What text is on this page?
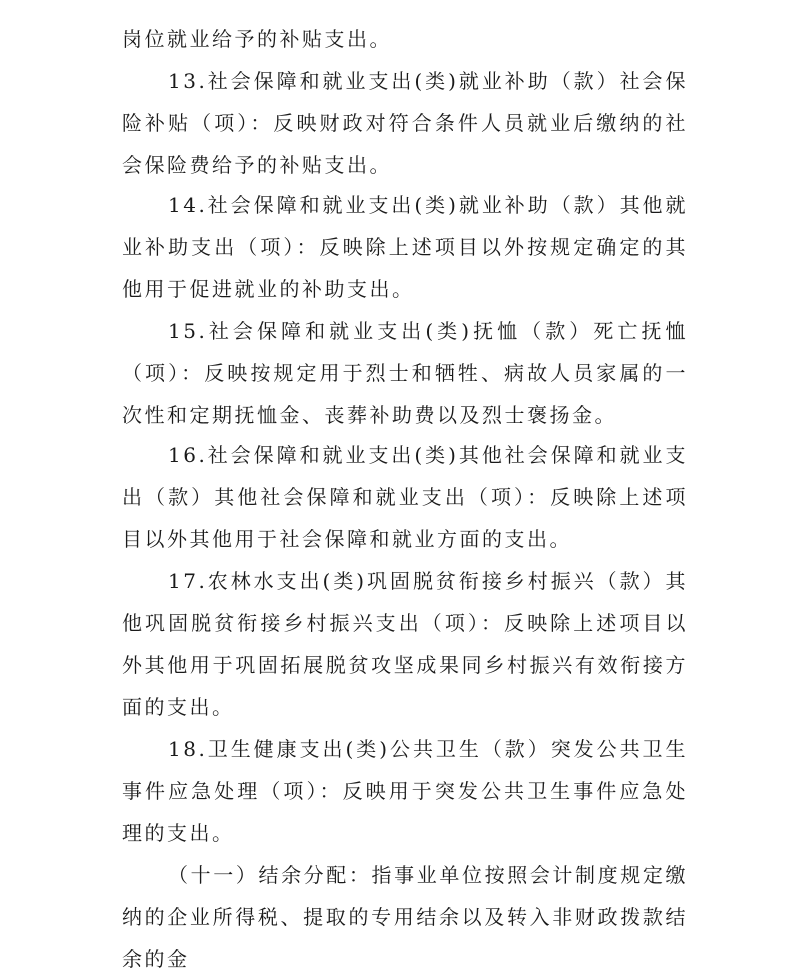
岗位就业给予的补贴支出。

13.社会保障和就业支出(类)就业补助（款）社会保险补贴（项）：反映财政对符合条件人员就业后缴纳的社会保险费给予的补贴支出。

14.社会保障和就业支出(类)就业补助（款）其他就业补助支出（项）：反映除上述项目以外按规定确定的其他用于促进就业的补助支出。

15.社会保障和就业支出(类)抚恤（款）死亡抚恤（项）：反映按规定用于烈士和牺牲、病故人员家属的一次性和定期抚恤金、丧葬补助费以及烈士褒扬金。

16.社会保障和就业支出(类)其他社会保障和就业支出（款）其他社会保障和就业支出（项）：反映除上述项目以外其他用于社会保障和就业方面的支出。

17.农林水支出(类)巩固脱贫衔接乡村振兴（款）其他巩固脱贫衔接乡村振兴支出（项）：反映除上述项目以外其他用于巩固拓展脱贫攻坚成果同乡村振兴有效衔接方面的支出。

18.卫生健康支出(类)公共卫生（款）突发公共卫生事件应急处理（项）：反映用于突发公共卫生事件应急处理的支出。

（十一）结余分配：指事业单位按照会计制度规定缴纳的企业所得税、提取的专用结余以及转入非财政拨款结余的金
